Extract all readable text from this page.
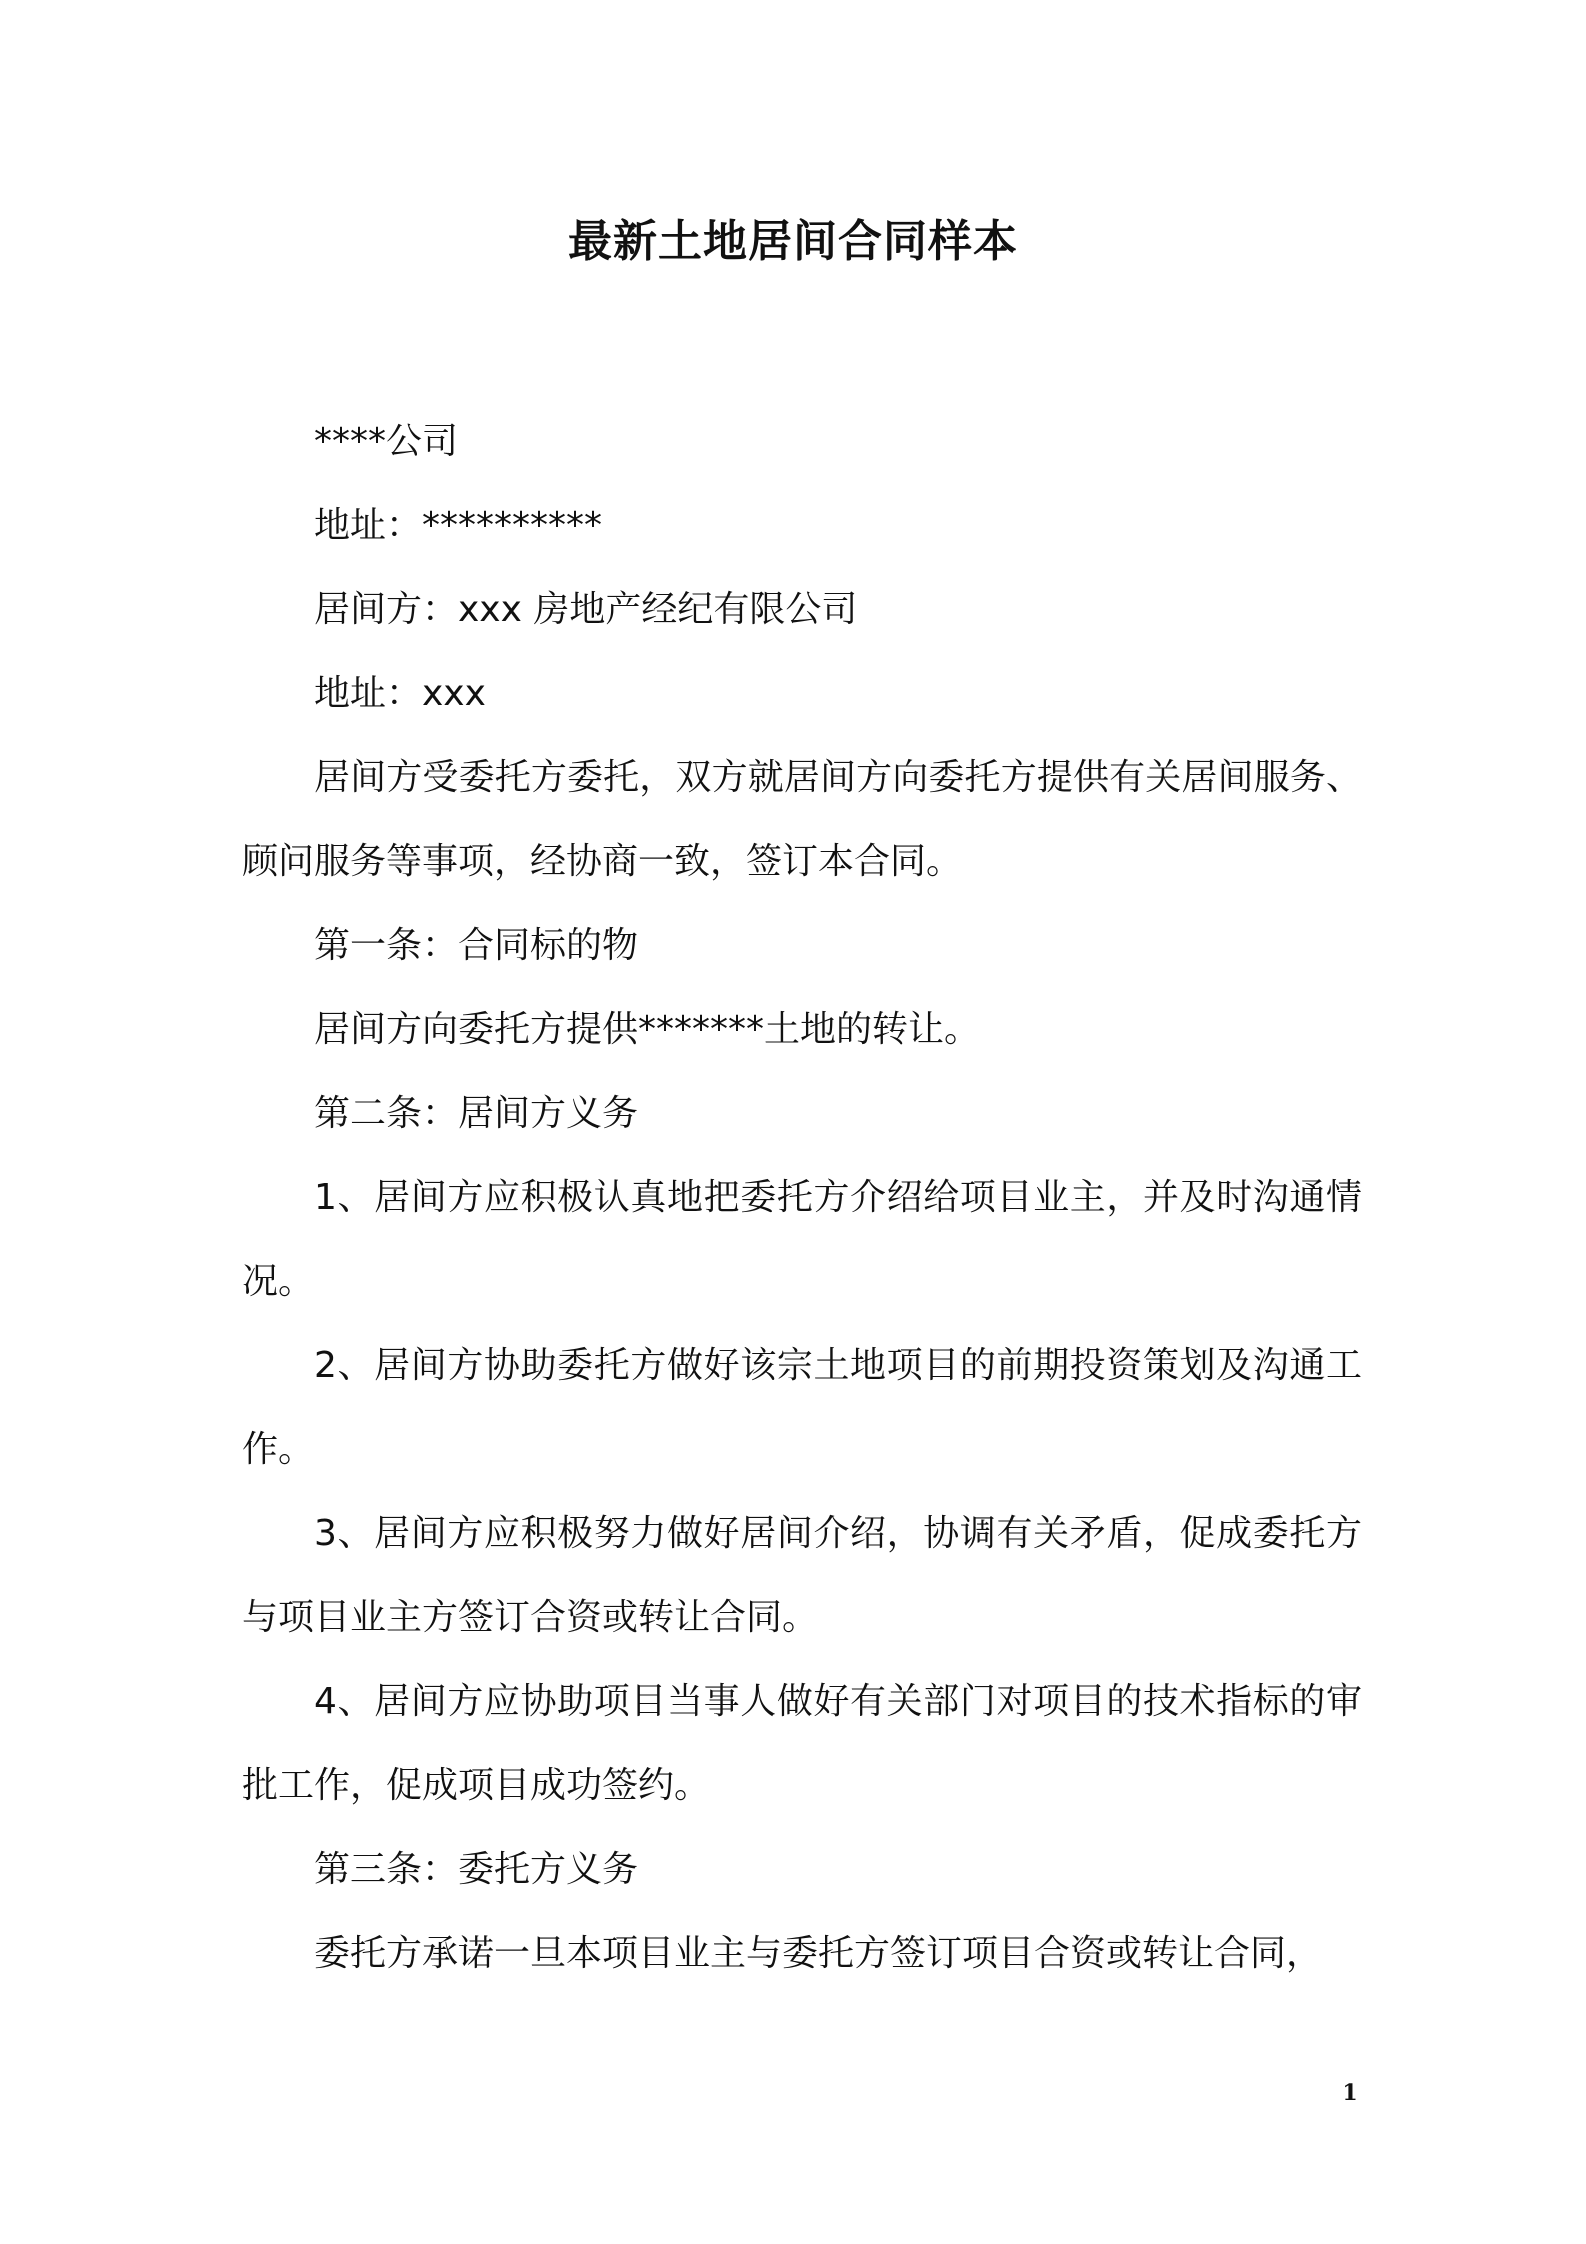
最新土地居间合同样本

****公司

地址：**********

居间方：xxx 房地产经纪有限公司

地址：xxx

居间方受委托方委托，双方就居间方向委托方提供有关居间服务、顾问服务等事项，经协商一致，签订本合同。

第一条：合同标的物

居间方向委托方提供*******土地的转让。

第二条：居间方义务

1、居间方应积极认真地把委托方介绍给项目业主，并及时沟通情况。

2、居间方协助委托方做好该宗土地项目的前期投资策划及沟通工作。

3、居间方应积极努力做好居间介绍，协调有关矛盾，促成委托方与项目业主方签订合资或转让合同。

4、居间方应协助项目当事人做好有关部门对项目的技术指标的审批工作，促成项目成功签约。

第三条：委托方义务

委托方承诺一旦本项目业主与委托方签订项目合资或转让合同，

1
